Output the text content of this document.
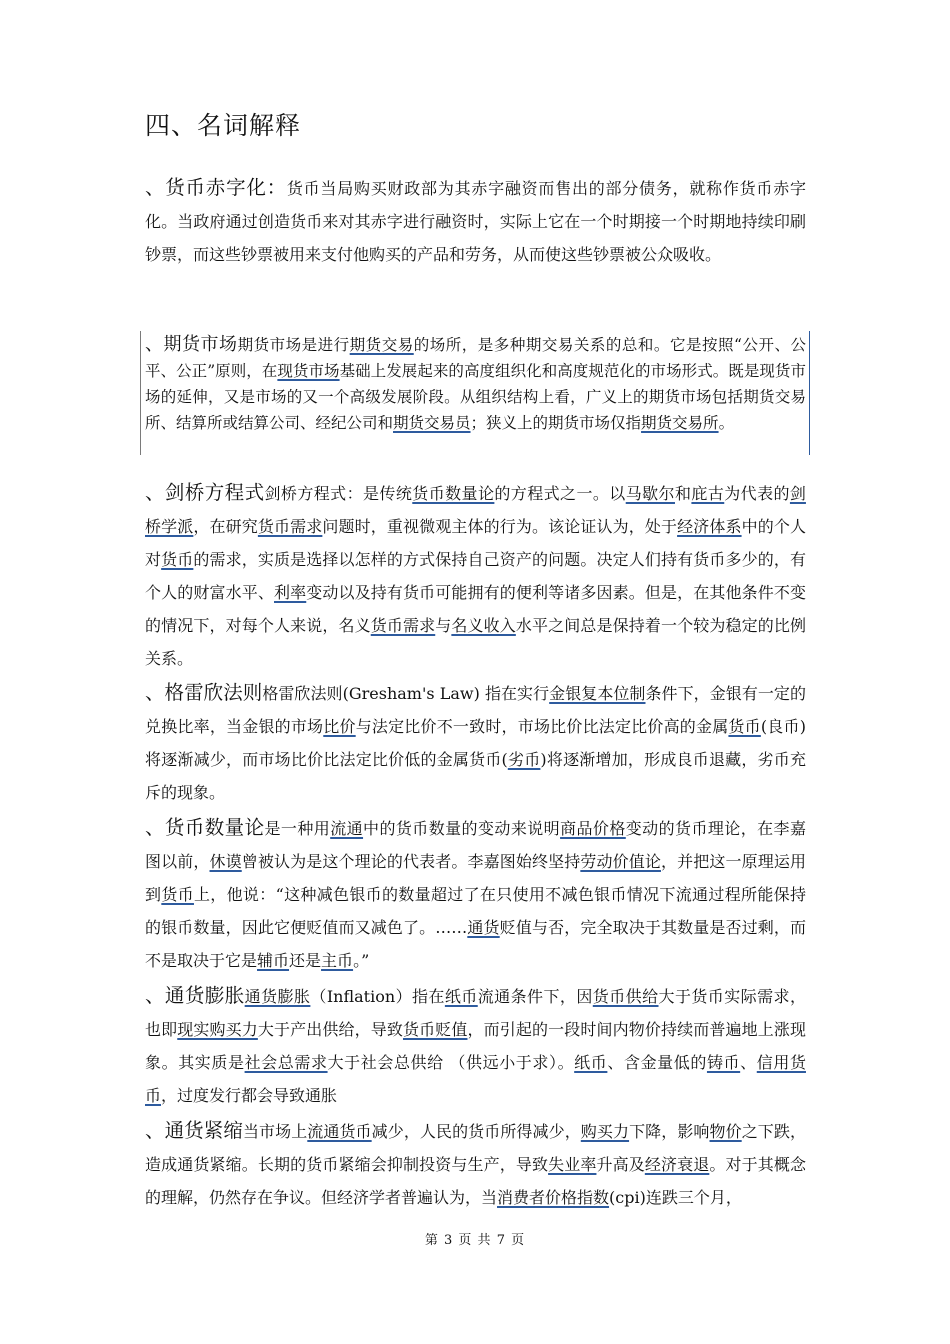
四、名词解释

、货币赤字化：货币当局购买财政部为其赤字融资而售出的部分债务，就称作货币赤字化。当政府通过创造货币来对其赤字进行融资时，实际上它在一个时期接一个时期地持续印刷钞票，而这些钞票被用来支付他购买的产品和劳务，从而使这些钞票被公众吸收。

、期货市场期货市场是进行期货交易的场所，是多种期交易关系的总和。它是按照“公开、公平、公正”原则，在现货市场基础上发展起来的高度组织化和高度规范化的市场形式。既是现货市场的延伸，又是市场的又一个高级发展阶段。从组织结构上看，广义上的期货市场包括期货交易所、结算所或结算公司、经纪公司和期货交易员；狭义上的期货市场仅指期货交易所。

、剑桥方程式剑桥方程式：是传统货币数量论的方程式之一。以马歇尔和庇古为代表的剑桥学派，在研究货币需求问题时，重视微观主体的行为。该论证认为，处于经济体系中的个人对货币的需求，实质是选择以怎样的方式保持自己资产的问题。决定人们持有货币多少的，有个人的财富水平、利率变动以及持有货币可能拥有的便利等诸多因素。但是，在其他条件不变的情况下，对每个人来说，名义货币需求与名义收入水平之间总是保持着一个较为稳定的比例关系。

、格雷欣法则格雷欣法则(Gresham's Law) 指在实行金银复本位制条件下，金银有一定的兑换比率，当金银的市场比价与法定比价不一致时，市场比价比法定比价高的金属货币(良币)将逐渐减少，而市场比价比法定比价低的金属货币(劣币)将逐渐增加，形成良币退藏，劣币充斥的现象。

、货币数量论是一种用流通中的货币数量的变动来说明商品价格变动的货币理论，在李嘉图以前，休谟曾被认为是这个理论的代表者。李嘉图始终坚持劳动价值论，并把这一原理运用到货币上，他说：“这种减色银币的数量超过了在只使用不减色银币情况下流通过程所能保持的银币数量，因此它便贬值而又减色了。……通货贬值与否，完全取决于其数量是否过剩，而不是取决于它是辅币还是主币。”

、通货膨胀通货膨胀（Inflation）指在纸币流通条件下，因货币供给大于货币实际需求，也即现实购买力大于产出供给，导致货币贬值，而引起的一段时间内物价持续而普遍地上涨现象。其实质是社会总需求大于社会总供给 （供远小于求）。纸币、含金量低的铸币、信用货币，过度发行都会导致通胀

、通货紧缩当市场上流通货币减少，人民的货币所得减少，购买力下降，影响物价之下跌，造成通货紧缩。长期的货币紧缩会抑制投资与生产，导致失业率升高及经济衰退。对于其概念的理解，仍然存在争议。但经济学者普遍认为，当消费者价格指数(cpi)连跌三个月，

第 3 页 共 7 页
